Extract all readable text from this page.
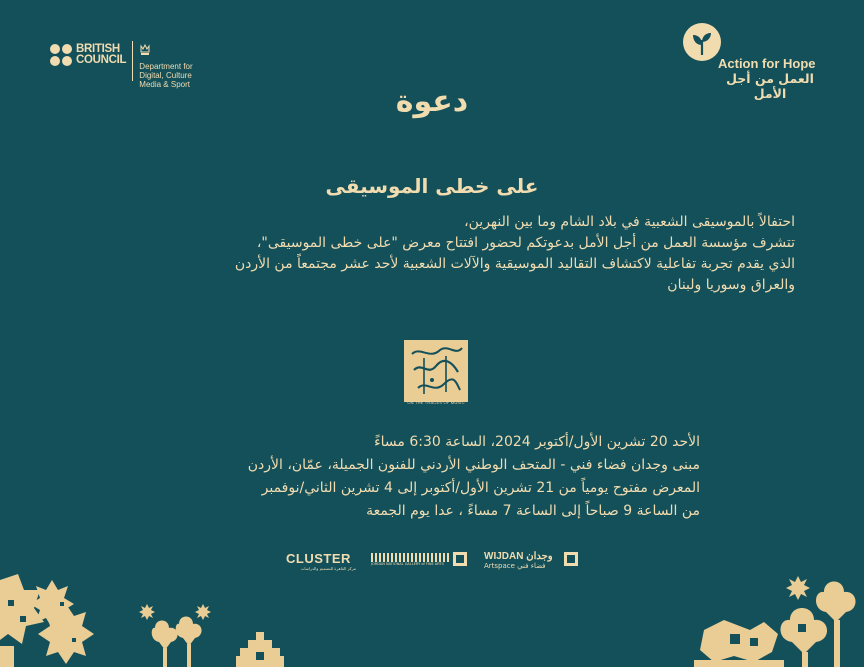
BRITISH
COUNCIL
Department for
Digital, Culture
Media & Sport
Action for Hope
العمل من أجل الأمل
دعوة
على خطى الموسيقى
احتفالاً بالموسيقى الشعبية في بلاد الشام وما بين النهرين،
تتشرف مؤسسة العمل من أجل الأمل بدعوتكم لحضور افتتاح معرض "على خطى الموسيقى"،
الذي يقدم تجربة تفاعلية لاكتشاف التقاليد الموسيقية والآلات الشعبية لأحد عشر مجتمعاً من الأردن
والعراق وسوريا ولبنان
ON THE TRACES OF MUSIC
الأحد 20 تشرين الأول/أكتوبر 2024، الساعة 6:30 مساءً
مبنى وجدان فضاء فني - المتحف الوطني الأردني للفنون الجميلة، عمّان، الأردن
المعرض مفتوح يومياً من 21 تشرين الأول/أكتوبر إلى 4 تشرين الثاني/نوفمبر
من الساعة 9 صباحاً إلى الساعة 7 مساءً ، عدا يوم الجمعة
CLUSTER
مركز القاهرة للتصميم والدراسات
JORDAN NATIONAL GALLERY of FINE ARTS
WIJDAN وجدان
Artspace فضاء فني
